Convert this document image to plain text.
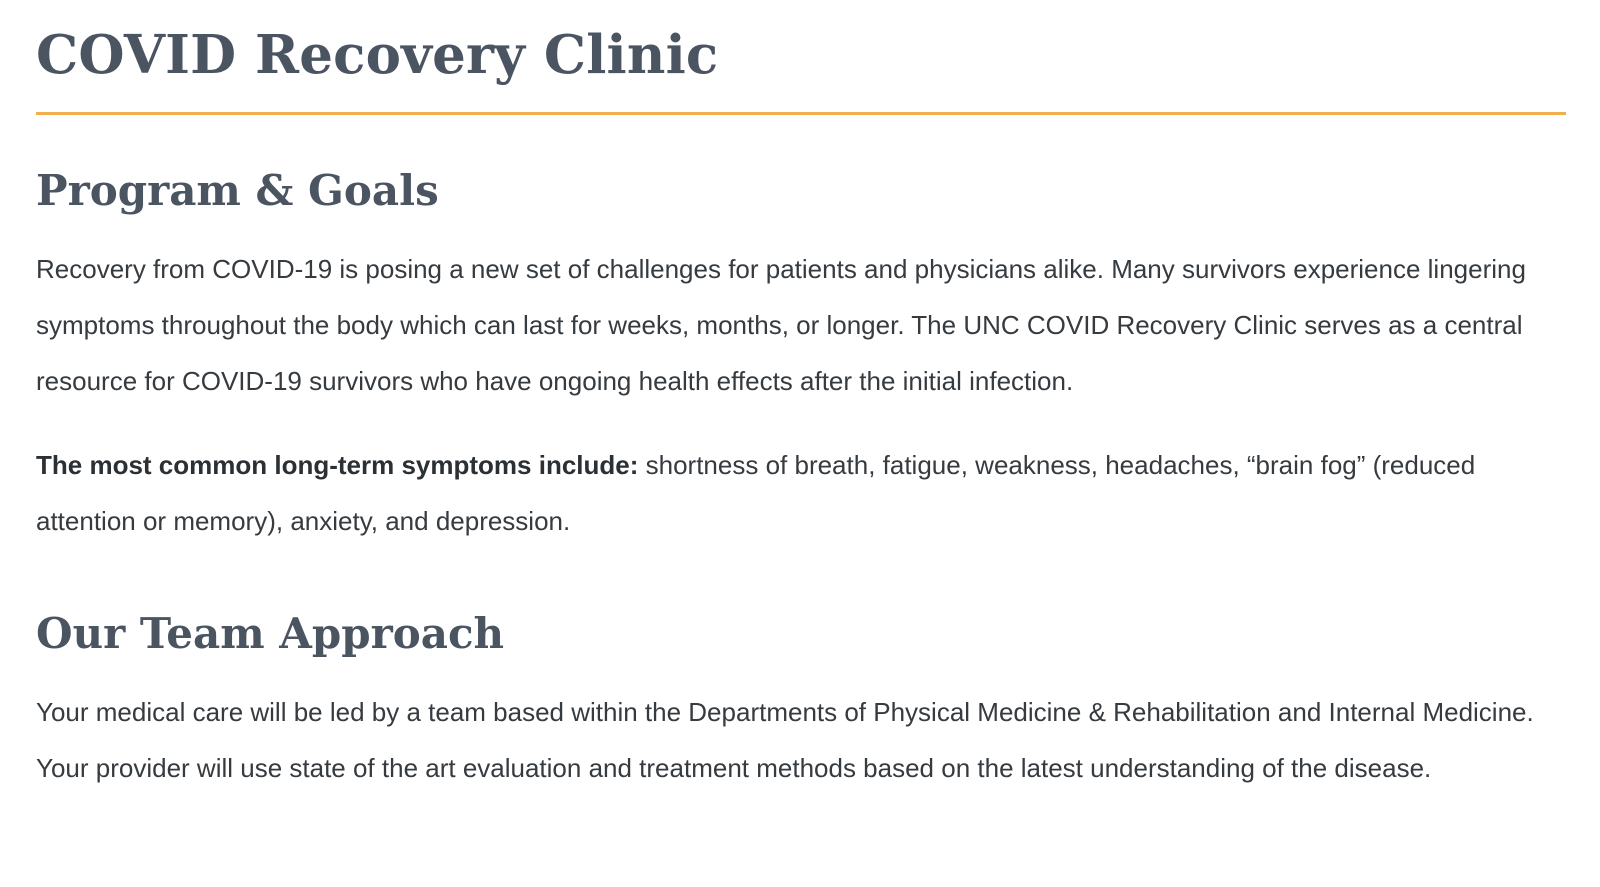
COVID Recovery Clinic
Program & Goals

Recovery from COVID-19 is posing a new set of challenges for patients and physicians alike. Many survivors experience lingering symptoms throughout the body which can last for weeks, months, or longer. The UNC COVID Recovery Clinic serves as a central resource for COVID-19 survivors who have ongoing health effects after the initial infection.

The most common long-term symptoms include: shortness of breath, fatigue, weakness, headaches, “brain fog” (reduced attention or memory), anxiety, and depression.

Our Team Approach

Your medical care will be led by a team based within the Departments of Physical Medicine & Rehabilitation and Internal Medicine. Your provider will use state of the art evaluation and treatment methods based on the latest understanding of the disease.
